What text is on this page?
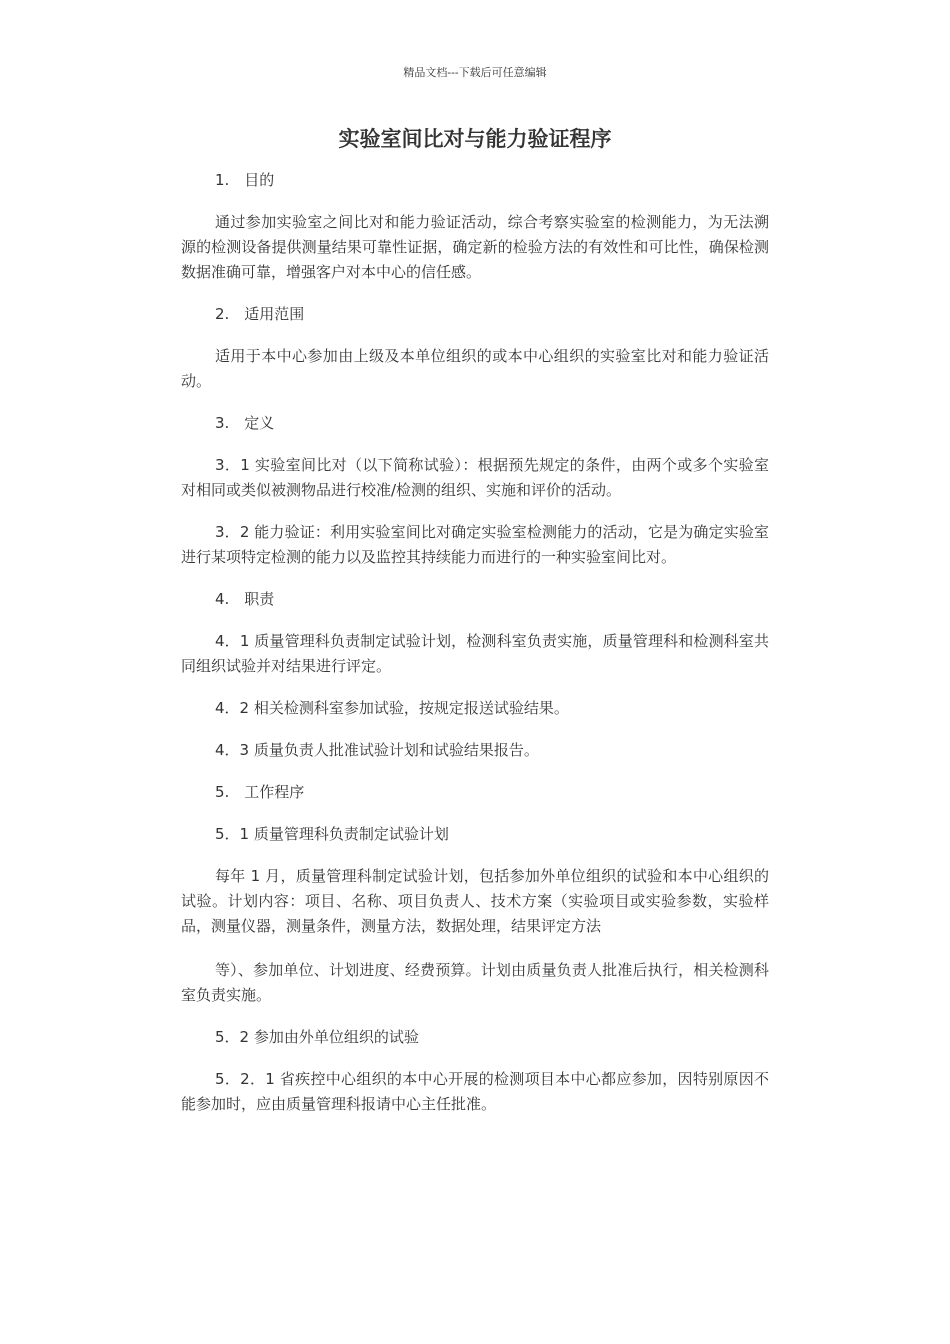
精品文档---下载后可任意编辑
实验室间比对与能力验证程序

1.　目的

通过参加实验室之间比对和能力验证活动，综合考察实验室的检测能力，为无法溯源的检测设备提供测量结果可靠性证据，确定新的检验方法的有效性和可比性，确保检测数据准确可靠，增强客户对本中心的信任感。

2.　适用范围

适用于本中心参加由上级及本单位组织的或本中心组织的实验室比对和能力验证活动。

3.　定义

3．1 实验室间比对（以下简称试验）：根据预先规定的条件，由两个或多个实验室对相同或类似被测物品进行校准/检测的组织、实施和评价的活动。

3．2 能力验证：利用实验室间比对确定实验室检测能力的活动，它是为确定实验室进行某项特定检测的能力以及监控其持续能力而进行的一种实验室间比对。

4.　职责

4．1 质量管理科负责制定试验计划，检测科室负责实施，质量管理科和检测科室共同组织试验并对结果进行评定。

4．2 相关检测科室参加试验，按规定报送试验结果。

4．3 质量负责人批准试验计划和试验结果报告。

5.　工作程序

5．1 质量管理科负责制定试验计划

每年 1 月，质量管理科制定试验计划，包括参加外单位组织的试验和本中心组织的试验。计划内容：项目、名称、项目负责人、技术方案（实验项目或实验参数，实验样品，测量仪器，测量条件，测量方法，数据处理，结果评定方法

等）、参加单位、计划进度、经费预算。计划由质量负责人批准后执行，相关检测科室负责实施。

5．2 参加由外单位组织的试验

5．2．1 省疾控中心组织的本中心开展的检测项目本中心都应参加，因特别原因不能参加时，应由质量管理科报请中心主任批准。
